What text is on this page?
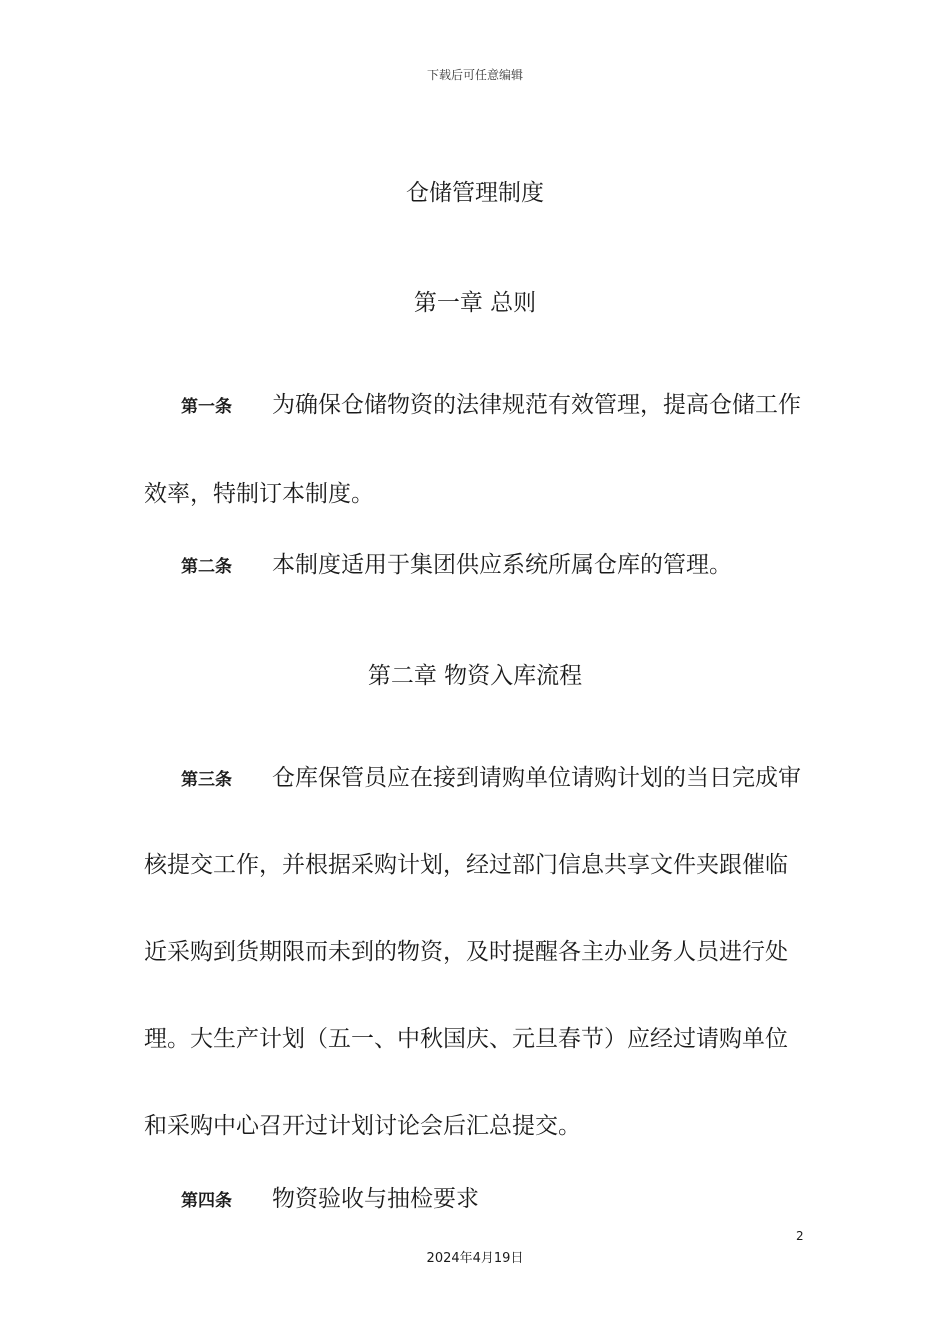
下载后可任意编辑
仓储管理制度
第一章 总则
第一条 为确保仓储物资的法律规范有效管理，提高仓储工作
效率，特制订本制度。
第二条 本制度适用于集团供应系统所属仓库的管理。
第二章 物资入库流程
第三条 仓库保管员应在接到请购单位请购计划的当日完成审
核提交工作，并根据采购计划，经过部门信息共享文件夹跟催临
近采购到货期限而未到的物资，及时提醒各主办业务人员进行处
理。大生产计划（五一、中秋国庆、元旦春节）应经过请购单位
和采购中心召开过计划讨论会后汇总提交。
第四条 物资验收与抽检要求
2
2024年4月19日
